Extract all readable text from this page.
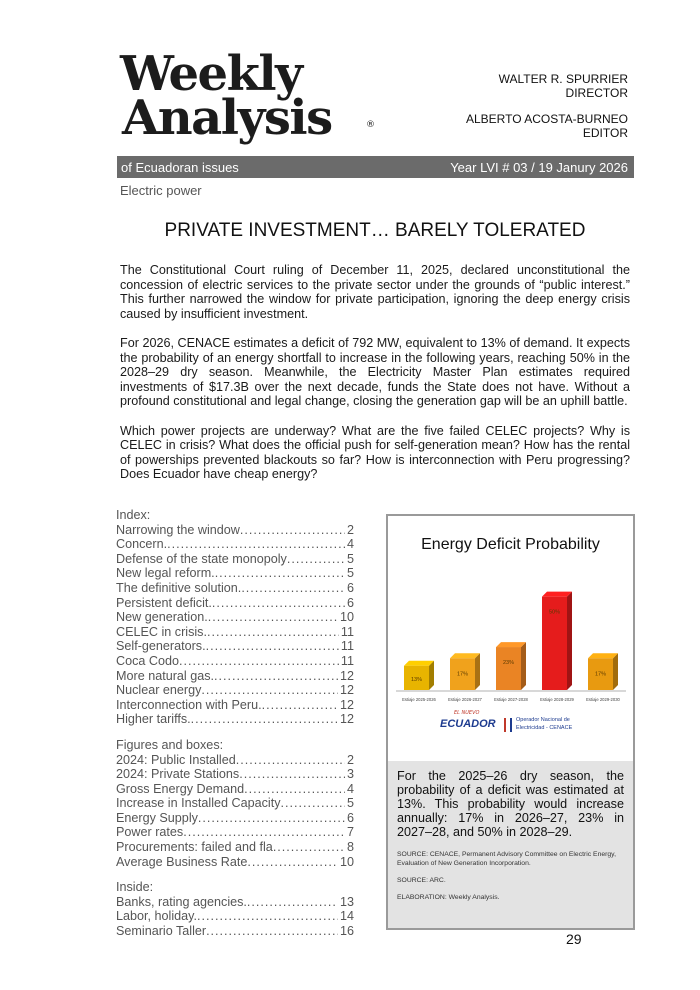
Weekly
Analysis	®
WALTER R. SPURRIER
DIRECTOR
ALBERTO ACOSTA-BURNEO
EDITOR
of Ecuadoran issues	Year LVI # 03 / 19 Janury 2026
Electric power
PRIVATE INVESTMENT… BARELY TOLERATED

The Constitutional Court ruling of December 11, 2025, declared unconstitutional the concession of electric services to the private sector under the grounds of “public interest.” This further narrowed the window for private participation, ignoring the deep energy crisis caused by insufficient investment.

For 2026, CENACE estimates a deficit of 792 MW, equivalent to 13% of demand. It expects the probability of an energy shortfall to increase in the following years, reaching 50% in the 2028–29 dry season. Meanwhile, the Electricity Master Plan estimates required investments of $17.3B over the next decade, funds the State does not have. Without a profound constitutional and legal change, closing the generation gap will be an uphill battle.

Which power projects are underway? What are the five failed CELEC projects? Why is CELEC in crisis? What does the official push for self-generation mean? How has the rental of powerships prevented blackouts so far? How is interconnection with Peru progressing? Does Ecuador have cheap energy?

Index:
Narrowing the window .....	2
Concern. .....	4
Defense of the state monopoly .....	5
New legal reform. .....	5
The definitive solution. .....	6
Persistent deficit. .....	6
New generation. .....	10
CELEC in crisis. .....	11
Self-generators. .....	11
Coca Codo .....	11
More natural gas. .....	12
Nuclear energy .....	12
Interconnection with Peru. .....	12
Higher tariffs. .....	12
Figures and boxes:
2024: Public Installed .....	2
2024: Private Stations .....	3
Gross Energy Demand .....	4
Increase in Installed Capacity .....	5
Energy Supply .....	6
Power rates .....	7
Procurements: failed and fla .....	8
Average Business Rate .....	10
Inside:
Banks, rating agencies. .....	13
Labor, holiday. .....	14
Seminario Taller .....	16
Energy Deficit Probability
13%
Estiaje 2025-2026
17%
Estiaje 2026-2027
23%
Estiaje 2027-2028
50%
Estiaje 2028-2029
17%
Estiaje 2029-2030
EL NUEVO
ECUADOR	Operador Nacional de
Electricidad - CENACE
For the 2025–26 dry season, the probability of a deficit was estimated at 13%. This probability would increase annually: 17% in 2026–27, 23% in 2027–28, and 50% in 2028–29.
SOURCE: CENACE, Permanent Advisory Committee on Electric Energy, Evaluation of New Generation Incorporation.
SOURCE: ARC.
ELABORATION: Weekly Analysis.
29
